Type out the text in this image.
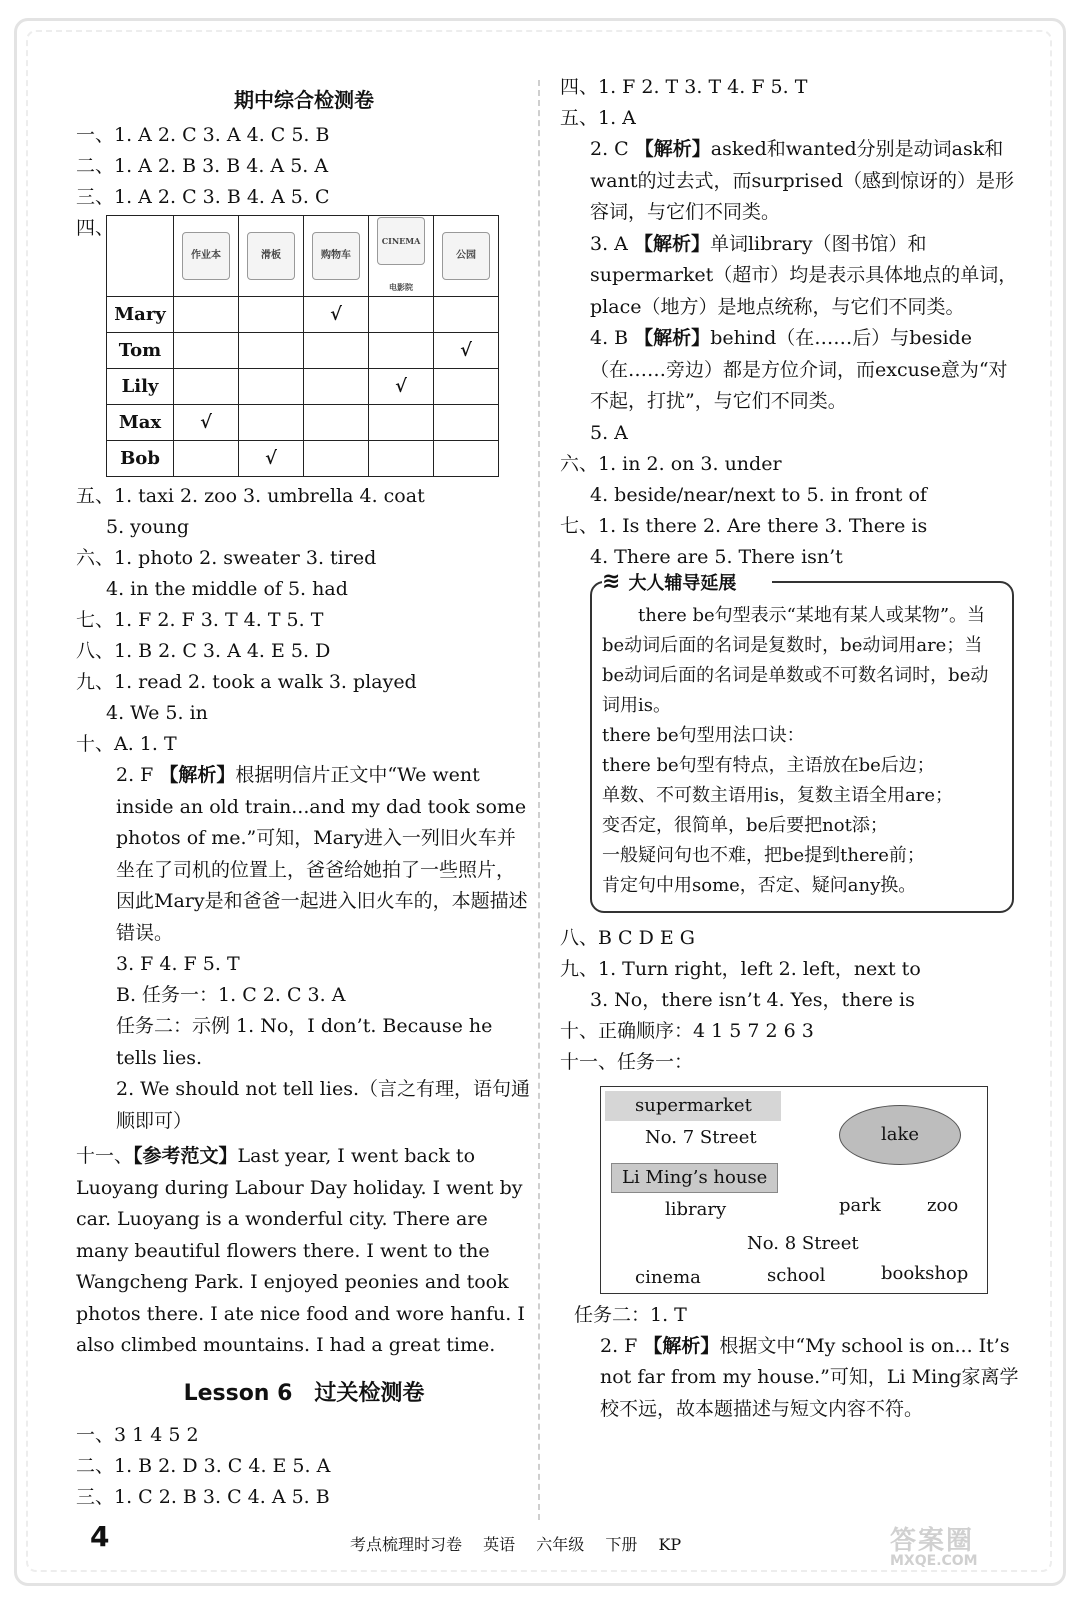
期中综合检测卷
一、1. A 2. C 3. A 4. C 5. B
二、1. A 2. B 3. B 4. A 5. A
三、1. A 2. C 3. B 4. A 5. C
四、
	作业本	滑板	购物车	CINEMA 电影院	公园
Mary			√		
Tom					√
Lily				√	
Max	√				
Bob		√			
五、1. taxi 2. zoo 3. umbrella 4. coat
5. young
六、1. photo 2. sweater 3. tired
4. in the middle of 5. had
七、1. F 2. F 3. T 4. T 5. T
八、1. B 2. C 3. A 4. E 5. D
九、1. read 2. took a walk 3. played
4. We 5. in
十、A. 1. T
2. F 【解析】根据明信片正文中“We went inside an old train...and my dad took some photos of me.”可知，Mary进入一列旧火车并坐在了司机的位置上，爸爸给她拍了一些照片，因此Mary是和爸爸一起进入旧火车的，本题描述错误。
3. F 4. F 5. T
B. 任务一：1. C 2. C 3. A
任务二：示例 1. No，I don’t. Because he tells lies.
2. We should not tell lies.（言之有理，语句通顺即可）
十一、【参考范文】Last year, I went back to Luoyang during Labour Day holiday. I went by car. Luoyang is a wonderful city. There are many beautiful flowers there. I went to the Wangcheng Park. I enjoyed peonies and took photos there. I ate nice food and wore hanfu. I also climbed mountains. I had a great time.
Lesson 6　过关检测卷
一、3 1 4 5 2
二、1. B 2. D 3. C 4. E 5. A
三、1. C 2. B 3. C 4. A 5. B
四、1. F 2. T 3. T 4. F 5. T
五、1. A
2. C 【解析】asked和wanted分别是动词ask和want的过去式，而surprised（感到惊讶的）是形容词，与它们不同类。
3. A 【解析】单词library（图书馆）和supermarket（超市）均是表示具体地点的单词，place（地方）是地点统称，与它们不同类。
4. B 【解析】behind（在……后）与beside（在……旁边）都是方位介词，而excuse意为“对不起，打扰”，与它们不同类。
5. A
六、1. in 2. on 3. under
4. beside/near/next to 5. in front of
七、1. Is there 2. Are there 3. There is
4. There are 5. There isn’t
≋ 大人辅导延展

there be句型表示“某地有某人或某物”。当be动词后面的名词是复数时，be动词用are；当be动词后面的名词是单数或不可数名词时，be动词用is。

there be句型用法口诀：

there be句型有特点，主语放在be后边；

单数、不可数主语用is，复数主语全用are；

变否定，很简单，be后要把not添；

一般疑问句也不难，把be提到there前；

肯定句中用some，否定、疑问any换。

八、B C D E G
九、1. Turn right，left 2. left，next to
3. No，there isn’t 4. Yes，there is
十、正确顺序：4 1 5 7 2 6 3
十一、任务一：
supermarket
No. 7 Street	lake
Li Ming’s house
library	park	zoo
No. 8 Street
cinema	school	bookshop
任务二：1. T
2. F 【解析】根据文中“My school is on... It’s not far from my house.”可知，Li Ming家离学校不远，故本题描述与短文内容不符。
4	考点梳理时习卷 英语 六年级 下册 KP	答案圈
MXQE.COM
